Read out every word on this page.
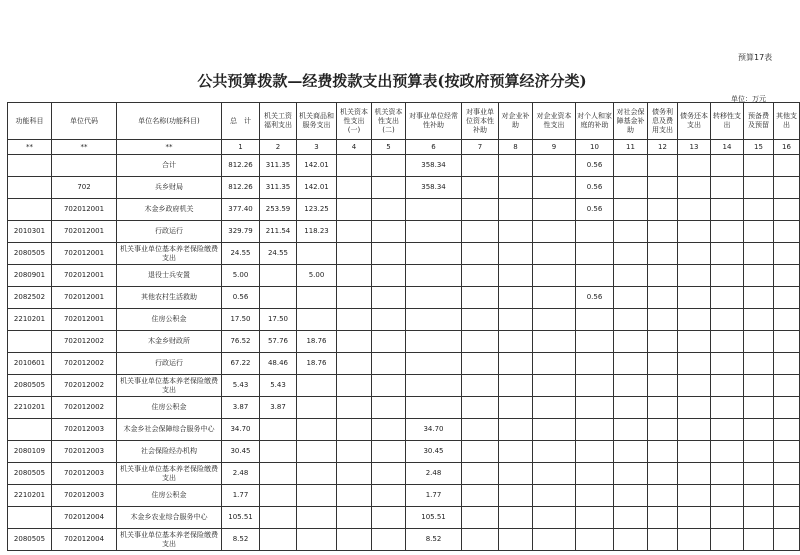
预算17表
公共预算拨款—经费拨款支出预算表(按政府预算经济分类)
单位：万元
功能科目	单位代码	单位名称(功能科目)	总　计	机关工资福利支出	机关商品和服务支出	机关资本性支出(一)	机关资本性支出(二)	对事业单位经常性补助	对事业单位资本性补助	对企业补助	对企业资本性支出	对个人和家庭的补助	对社会保障基金补助	债务利息及费用支出	债务还本支出	转移性支出	预备费及预留	其他支出
**	**	**	1	2	3	4	5	6	7	8	9	10	11	12	13	14	15	16
		合计	812.26	311.35	142.01			358.34				0.56						
	702	兵乡财局	812.26	311.35	142.01			358.34				0.56						
	702012001	木金乡政府机关	377.40	253.59	123.25							0.56						
2010301	702012001	行政运行	329.79	211.54	118.23													
2080505	702012001	机关事业单位基本养老保险缴费支出	24.55	24.55														
2080901	702012001	退役士兵安置	5.00		5.00													
2082502	702012001	其他农村生活救助	0.56									0.56						
2210201	702012001	住房公积金	17.50	17.50														
	702012002	木金乡财政所	76.52	57.76	18.76													
2010601	702012002	行政运行	67.22	48.46	18.76													
2080505	702012002	机关事业单位基本养老保险缴费支出	5.43	5.43														
2210201	702012002	住房公积金	3.87	3.87														
	702012003	木金乡社会保障综合服务中心	34.70					34.70										
2080109	702012003	社会保险经办机构	30.45					30.45										
2080505	702012003	机关事业单位基本养老保险缴费支出	2.48					2.48										
2210201	702012003	住房公积金	1.77					1.77										
	702012004	木金乡农业综合服务中心	105.51					105.51										
2080505	702012004	机关事业单位基本养老保险缴费支出	8.52					8.52										
